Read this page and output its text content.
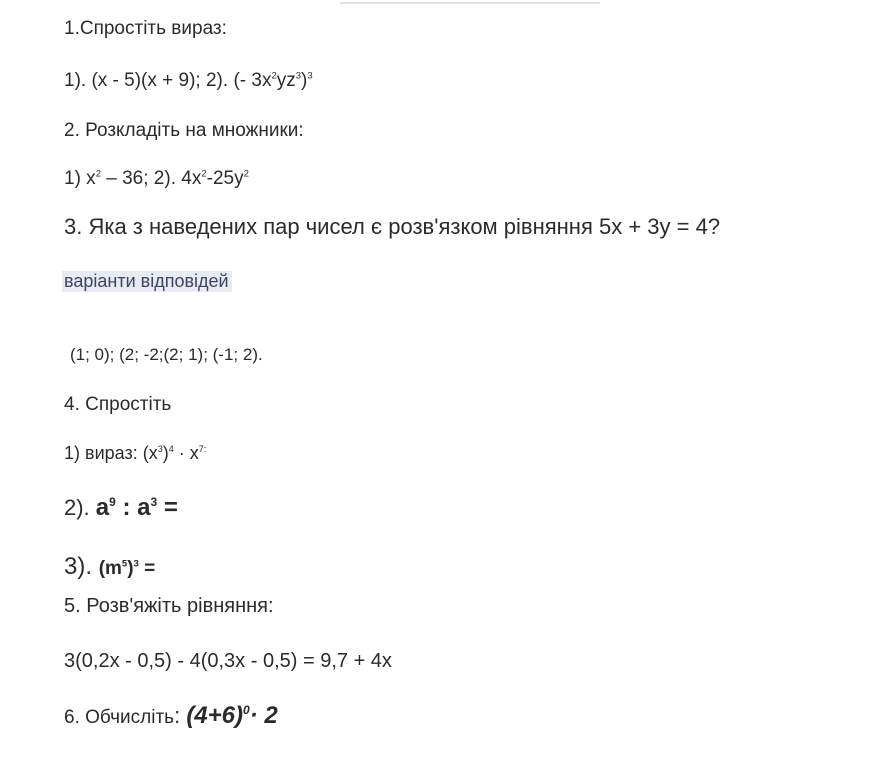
1.Спростіть вираз:
1). (x - 5)(x + 9); 2). (- $3x^2yz^3)^3$
2. Розкладіть на множники:
1) $x^2 - 36$; 2). $4x^2-25y^2$
3. Яка з наведених пар чисел є розв'язком рівняння 5x + 3y = 4?
варіанти відповідей
(1; 0); (2; -2;(2; 1); (-1; 2).
4. Спростіть
1) вираз: $(x^3)^4 \cdot x^{7:}$
2). $a^9$ : $a^3$ =
3). $(m^5)^3$ =
5. Розв'яжіть рівняння:
3(0,2x - 0,5) - 4(0,3x - 0,5) = 9,7 + 4x
6. Обчисліть: $(4+6)^0\cdot 2$
